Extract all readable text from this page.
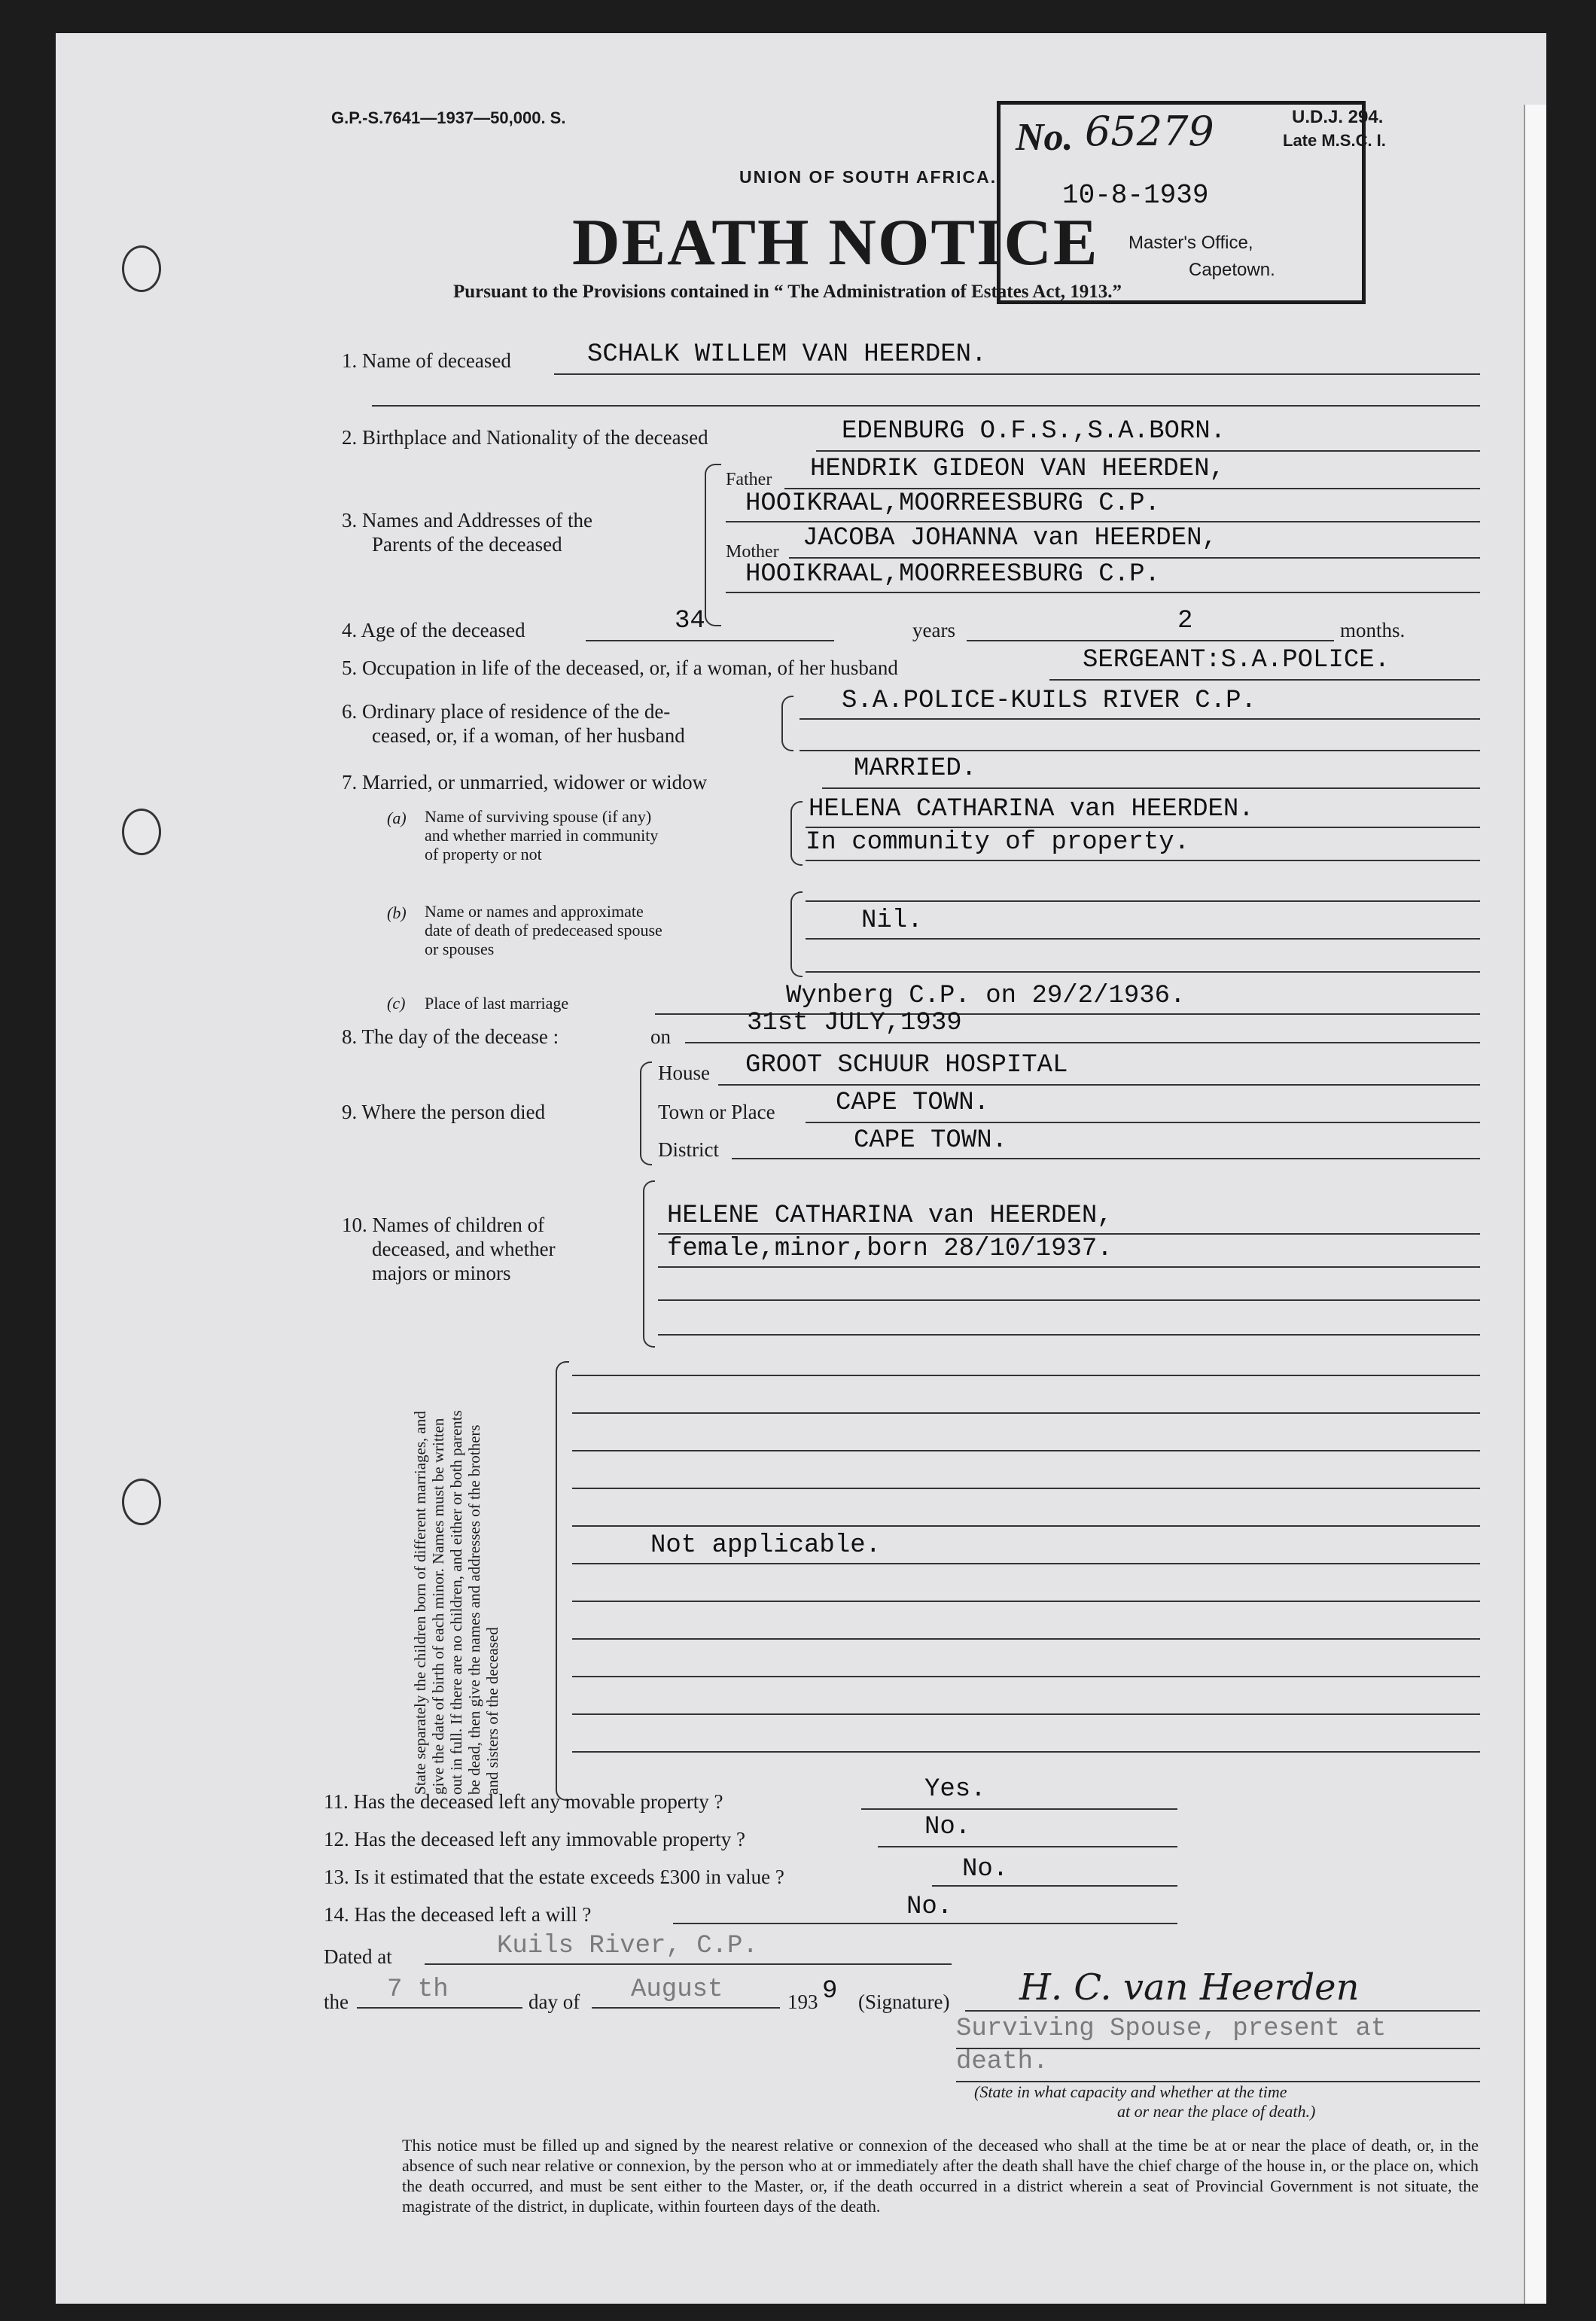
G.P.-S.7641—1937—50,000. S.	U.D.J. 294.
Late M.S.C. I.
UNION OF SOUTH AFRICA.
DEATH NOTICE
Pursuant to the Provisions contained in “ The Administration of Estates Act, 1913.”
No. 65279
10-8-1939
Master's Office,
Capetown.
1. Name of deceased	SCHALK WILLEM VAN HEERDEN.
2. Birthplace and Nationality of the deceased	EDENBURG O.F.S.,S.A.BORN.
3. Names and Addresses of the
Parents of the deceased
Father HENDRIK GIDEON VAN HEERDEN,
HOOIKRAAL,MOORREESBURG C.P.
Mother JACOBA JOHANNA van HEERDEN,
HOOIKRAAL,MOORREESBURG C.P.
4. Age of the deceased	34	years	2	months.
5. Occupation in life of the deceased, or, if a woman, of her husband	SERGEANT:S.A.POLICE.
6. Ordinary place of residence of the de-
ceased, or, if a woman, of her husband
S.A.POLICE-KUILS RIVER C.P.
7. Married, or unmarried, widower or widow	MARRIED.
(a) Name of surviving spouse (if any)
and whether married in community
of property or not
HELENA CATHARINA van HEERDEN.
In community of property.
(b) Name or names and approximate
date of death of predeceased spouse
or spouses
Nil.
(c) Place of last marriage	Wynberg C.P. on 29/2/1936.
8. The day of the decease :	on	31st JULY,1939
9. Where the person died
House GROOT SCHUUR HOSPITAL
Town or Place CAPE TOWN.
District	CAPE TOWN.
10. Names of children of
deceased, and whether
majors or minors
HELENE CATHARINA van HEERDEN,
female,minor,born 28/10/1937.
State separately the children born of different marriages, and give the date of birth of each minor. Names must be written out in full. If there are no children, and either or both parents be dead, then give the names and addresses of the brothers and sisters of the deceased
Not applicable.
11. Has the deceased left any movable property ?	Yes.
12. Has the deceased left any immovable property ?	No.
13. Is it estimated that the estate exceeds £300 in value ?	No.
14. Has the deceased left a will ?	No.
Dated at	Kuils River, C.P.
the 7 th	day of August	193 9 (Signature) H. C. van Heerden
Surviving Spouse, present at
death.
(State in what capacity and whether at the time
at or near the place of death.)
This notice must be filled up and signed by the nearest relative or connexion of the deceased who shall at the time be at or near the place of death, or, in the absence of such near relative or connexion, by the person who at or immediately after the death shall have the chief charge of the house in, or the place on, which the death occurred, and must be sent either to the Master, or, if the death occurred in a district wherein a seat of Provincial Government is not situate, the magistrate of the district, in duplicate, within fourteen days of the death.
